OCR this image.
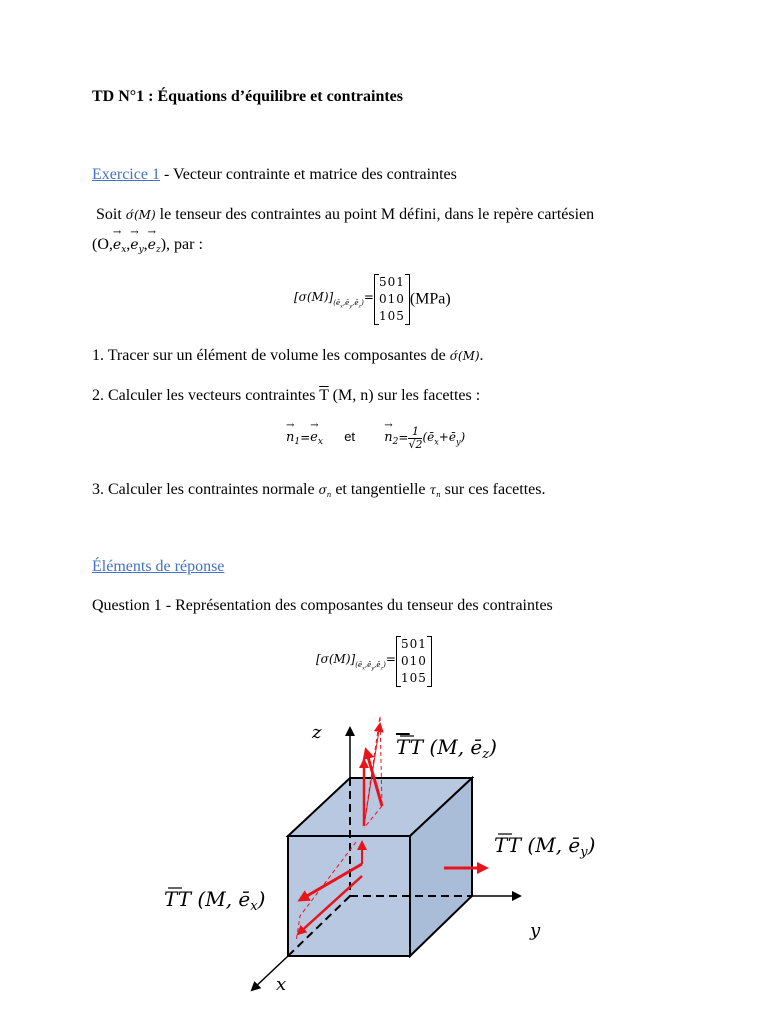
TD N°1 : Équations d’équilibre et contraintes
Exercice 1 - Vecteur contrainte et matrice des contraintes
Soit σ́(M) le tenseur des contraintes au point M défini, dans le repère cartésien
$(O,\to e_x,\to e_y,\to e_z)$, par :
$[\sigma(M)]_{(ē_x,ē_y,ē_z)}=$
501
010
105
(MPa)
1. Tracer sur un élément de volume les composantes de σ́(M).
2. Calculer les vecteurs contraintes $\overline{T}$ (M, n) sur les facettes :
→ $n_1=\to e_x$ et → $n_2= \frac{1}{√2}$ $(ē_x+ē_y)$
3. Calculer les contraintes normale $\sigma_n$ et tangentielle $\tau_n$ sur ces facettes.
Éléments de réponse
Question 1 - Représentation des composantes du tenseur des contraintes
$[\sigma(M)]_{(ē_x,ē_y,ē_z)}=$
501
010
105
z
y
x
TT (M, $ē_z$)
TT (M, $ē_y$)
TT (M, $ē_x$)
